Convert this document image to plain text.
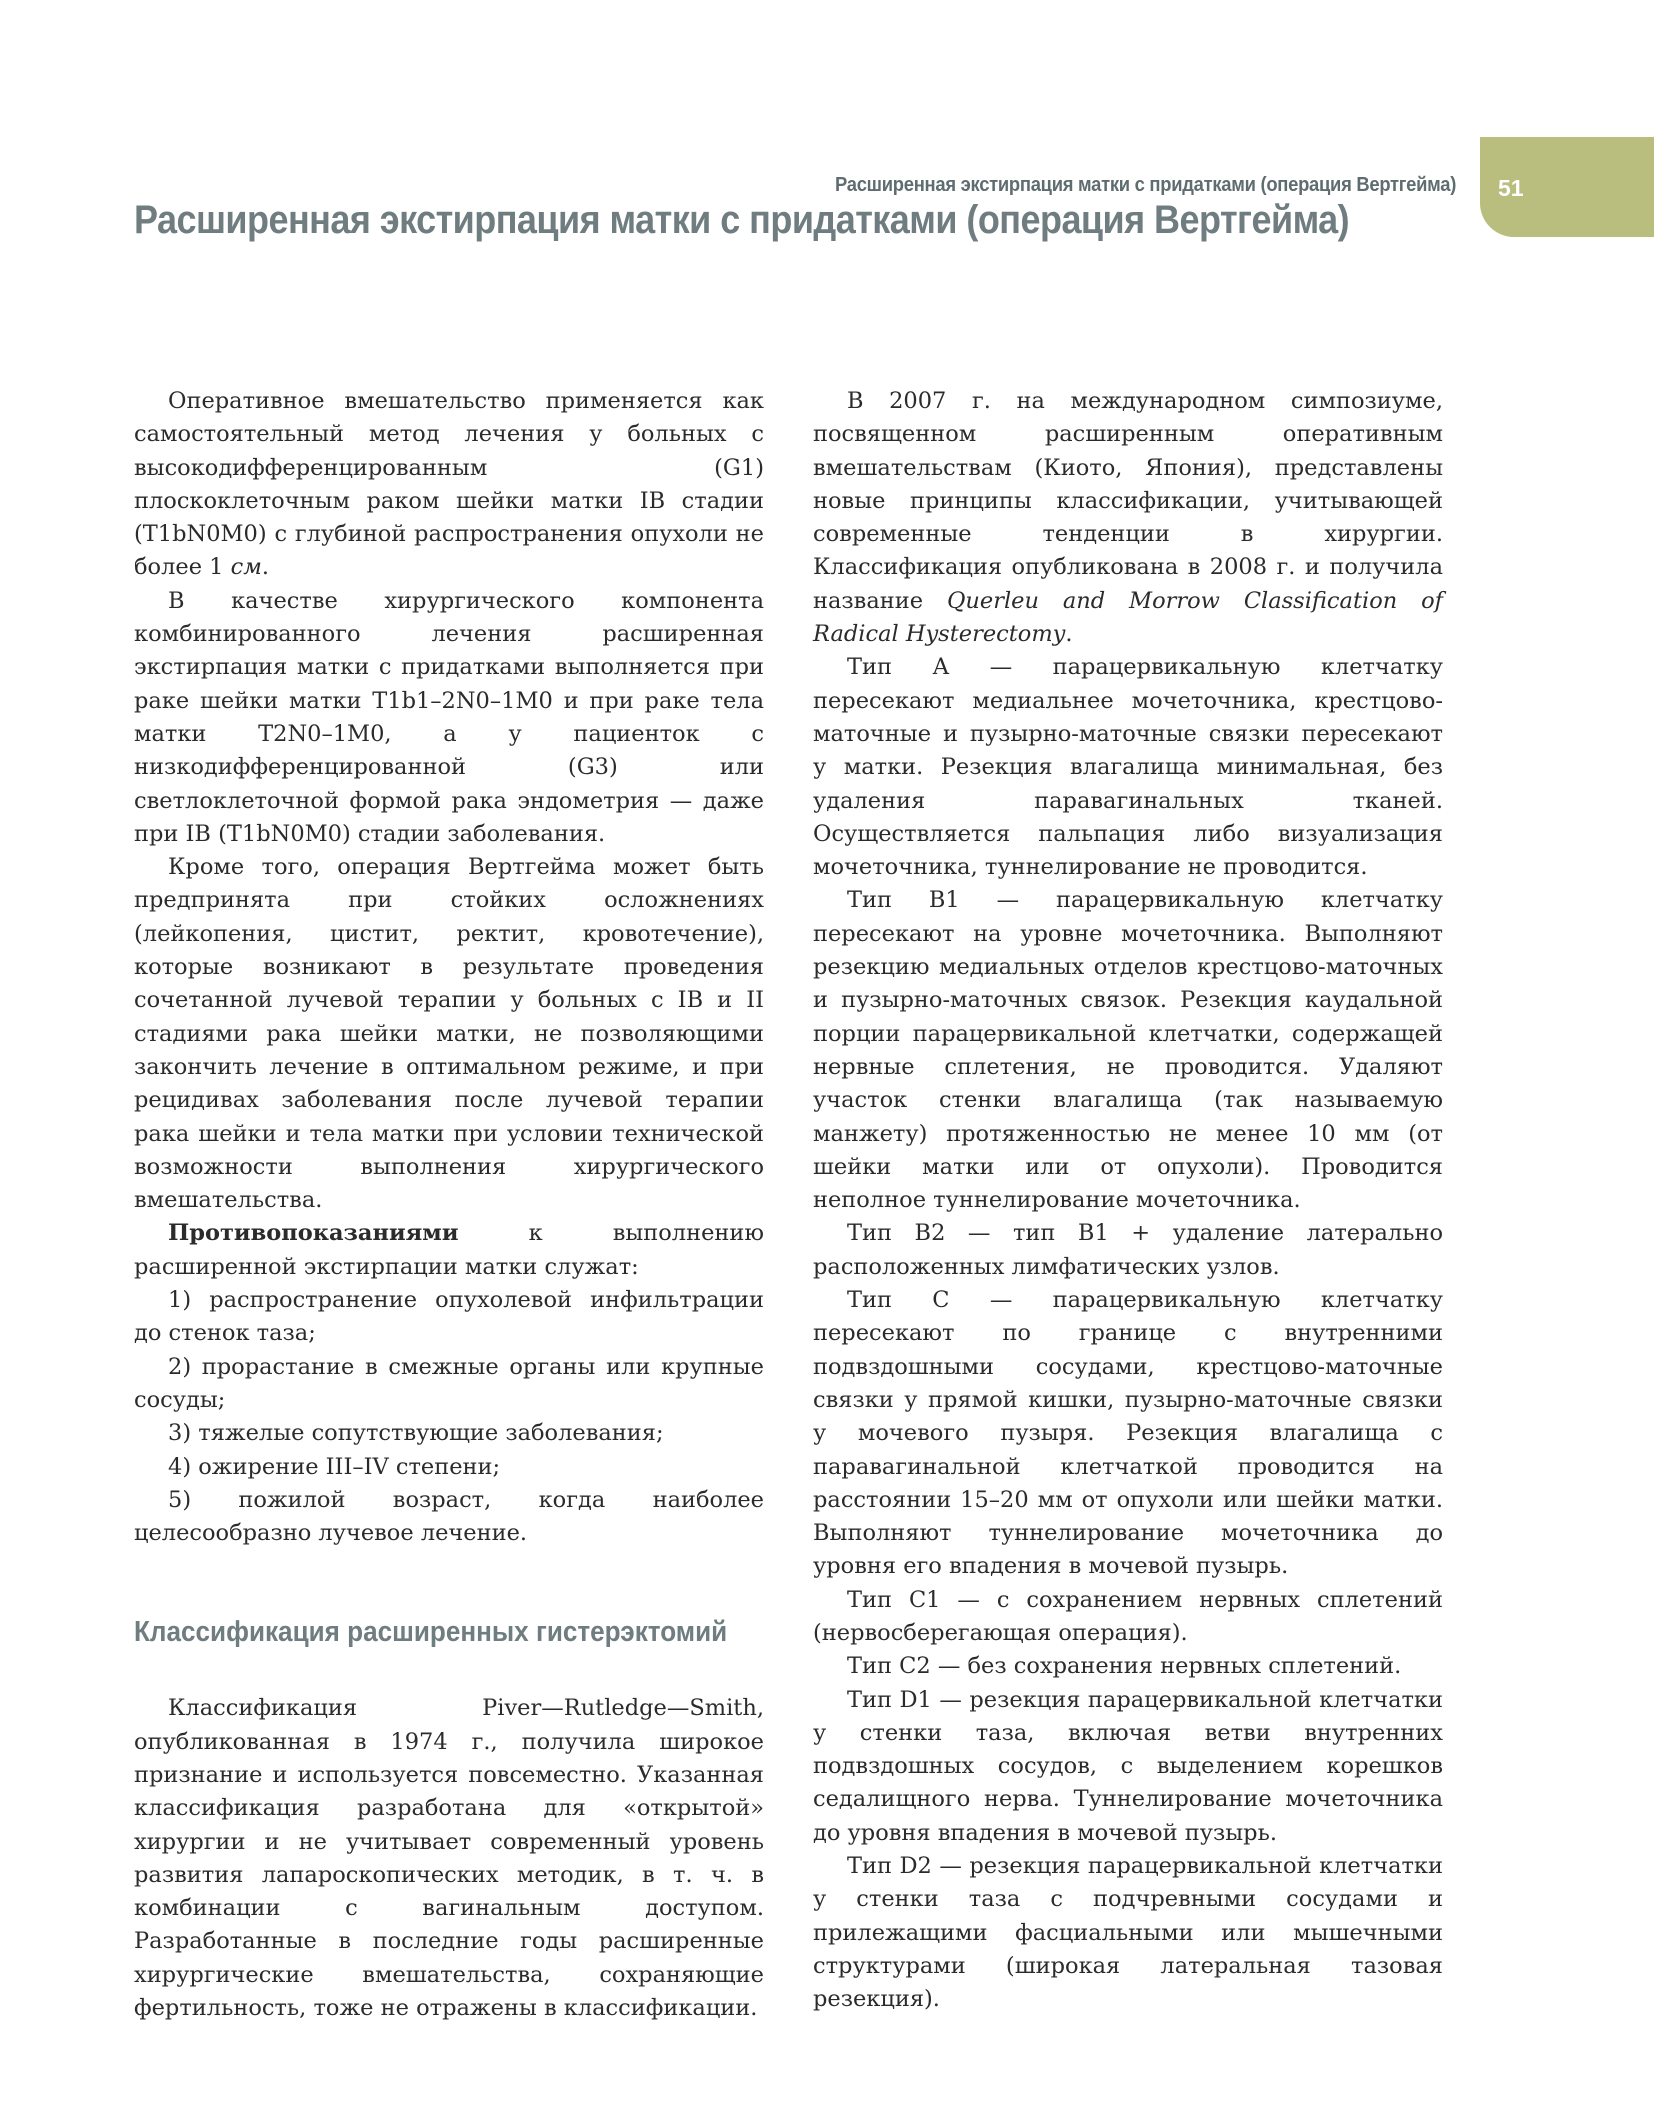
51
Расширенная экстирпация матки с придатками (операция Вертгейма)
Расширенная экстирпация матки с придатками (операция Вертгейма)

Оперативное вмешательство применяется как самостоятельный метод лечения у больных с высокодифференцированным (G1) плоскоклеточным раком шейки матки IB стадии (T1bN0M0) с глубиной распространения опухоли не более 1 см.

В качестве хирургического компонента комбинированного лечения расширенная экстирпация матки с придатками выполняется при раке шейки матки T1b1–2N0–1M0 и при раке тела матки T2N0–1M0, а у пациенток с низкодифференцированной (G3) или светлоклеточной формой рака эндометрия — даже при IB (T1bN0M0) стадии заболевания.

Кроме того, операция Вертгейма может быть предпринята при стойких осложнениях (лейкопения, цистит, ректит, кровотечение), которые возникают в результате проведения сочетанной лучевой терапии у больных с IB и II стадиями рака шейки матки, не позволяющими закончить лечение в оптимальном режиме, и при рецидивах заболевания после лучевой терапии рака шейки и тела матки при условии технической возможности выполнения хирургического вмешательства.

Противопоказаниями к выполнению расширенной экстирпации матки служат:

1) распространение опухолевой инфильтрации до стенок таза;

2) прорастание в смежные органы или крупные сосуды;

3) тяжелые сопутствующие заболевания;

4) ожирение III–IV степени;

5) пожилой возраст, когда наиболее целесообразно лучевое лечение.

Классификация расширенных гистерэктомий

Классификация Piver—Rutledge—Smith, опубликованная в 1974 г., получила широкое признание и используется повсеместно. Указанная классификация разработана для «открытой» хирургии и не учитывает современный уровень развития лапароскопических методик, в т. ч. в комбинации с вагинальным доступом. Разработанные в последние годы расширенные хирургические вмешательства, сохраняющие фертильность, тоже не отражены в классификации.

В 2007 г. на международном симпозиуме, посвященном расширенным оперативным вмешательствам (Киото, Япония), представлены новые принципы классификации, учитывающей современные тенденции в хирургии. Классификация опубликована в 2008 г. и получила название Querleu and Morrow Classification of Radical Hysterectomy.

Тип А — парацервикальную клетчатку пересекают медиальнее мочеточника, крестцово-маточные и пузырно-маточные связки пересекают у матки. Резекция влагалища минимальная, без удаления паравагинальных тканей. Осуществляется пальпация либо визуализация мочеточника, туннелирование не проводится.

Тип B1 — парацервикальную клетчатку пересекают на уровне мочеточника. Выполняют резекцию медиальных отделов крестцово-маточных и пузырно-маточных связок. Резекция каудальной порции парацервикальной клетчатки, содержащей нервные сплетения, не проводится. Удаляют участок стенки влагалища (так называемую манжету) протяженностью не менее 10 мм (от шейки матки или от опухоли). Проводится неполное туннелирование мочеточника.

Тип B2 — тип B1 + удаление латерально расположенных лимфатических узлов.

Тип C — парацервикальную клетчатку пересекают по границе с внутренними подвздошными сосудами, крестцово-маточные связки у прямой кишки, пузырно-маточные связки у мочевого пузыря. Резекция влагалища с паравагинальной клетчаткой проводится на расстоянии 15–20 мм от опухоли или шейки матки. Выполняют туннелирование мочеточника до уровня его впадения в мочевой пузырь.

Тип C1 — с сохранением нервных сплетений (нервосберегающая операция).

Тип C2 — без сохранения нервных сплетений.

Тип D1 — резекция парацервикальной клетчатки у стенки таза, включая ветви внутренних подвздошных сосудов, с выделением корешков седалищного нерва. Туннелирование мочеточника до уровня впадения в мочевой пузырь.

Тип D2 — резекция парацервикальной клетчатки у стенки таза с подчревными сосудами и прилежащими фасциальными или мышечными структурами (широкая латеральная тазовая резекция).
